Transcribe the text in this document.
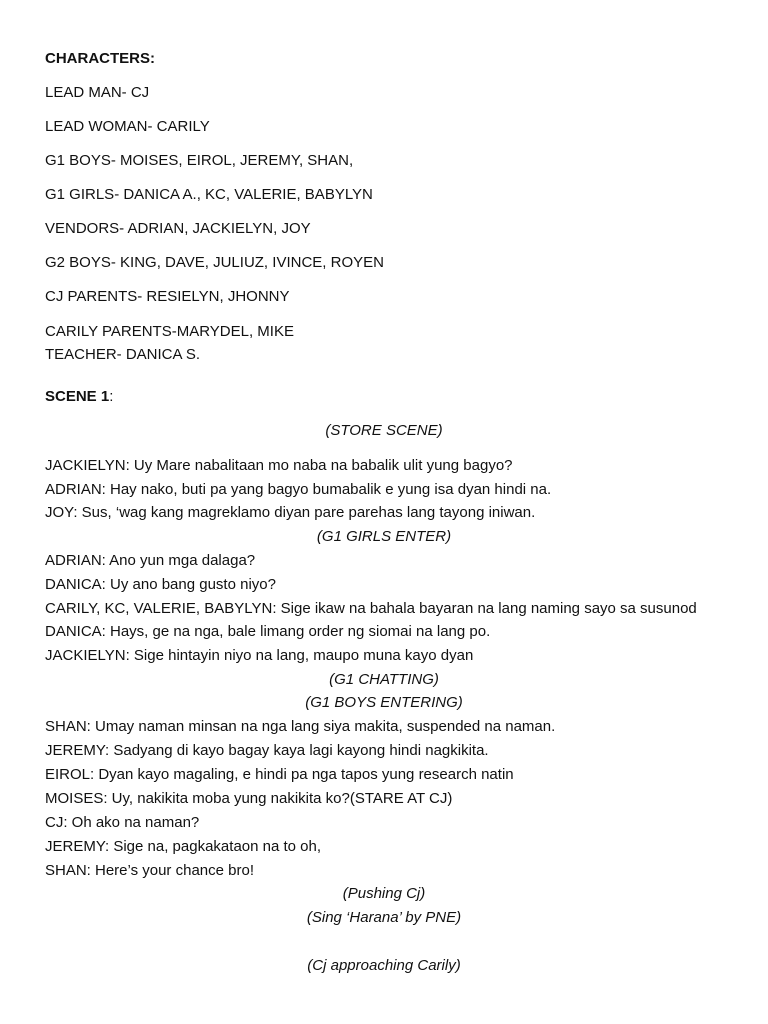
CHARACTERS:
LEAD MAN- CJ
LEAD WOMAN- CARILY
G1 BOYS- MOISES, EIROL, JEREMY, SHAN,
G1 GIRLS- DANICA A., KC, VALERIE, BABYLYN
VENDORS- ADRIAN, JACKIELYN, JOY
G2 BOYS- KING, DAVE, JULIUZ, IVINCE, ROYEN
CJ PARENTS- RESIELYN, JHONNY
CARILY PARENTS-MARYDEL, MIKE
TEACHER- DANICA S.
SCENE 1:
(STORE SCENE)
JACKIELYN: Uy Mare nabalitaan mo naba na babalik ulit yung bagyo?
ADRIAN: Hay nako, buti pa yang bagyo bumabalik e yung isa dyan hindi na.
JOY: Sus, ‘wag kang magreklamo diyan pare parehas lang tayong iniwan.
(G1 GIRLS ENTER)
ADRIAN: Ano yun mga dalaga?
DANICA: Uy ano bang gusto niyo?
CARILY, KC, VALERIE, BABYLYN: Sige ikaw na bahala bayaran na lang naming sayo sa susunod
DANICA: Hays, ge na nga, bale limang order ng siomai na lang po.
JACKIELYN: Sige hintayin niyo na lang, maupo muna kayo dyan
(G1 CHATTING)
(G1 BOYS ENTERING)
SHAN: Umay naman minsan na nga lang siya makita, suspended na naman.
JEREMY: Sadyang di kayo bagay kaya lagi kayong hindi nagkikita.
EIROL: Dyan kayo magaling, e hindi pa nga tapos yung research natin
MOISES: Uy, nakikita moba yung nakikita ko?(STARE AT CJ)
CJ: Oh ako na naman?
JEREMY: Sige na, pagkakataon na to oh,
SHAN: Here’s your chance bro!
(Pushing Cj)
(Sing ‘Harana’ by PNE)
(Cj approaching Carily)
